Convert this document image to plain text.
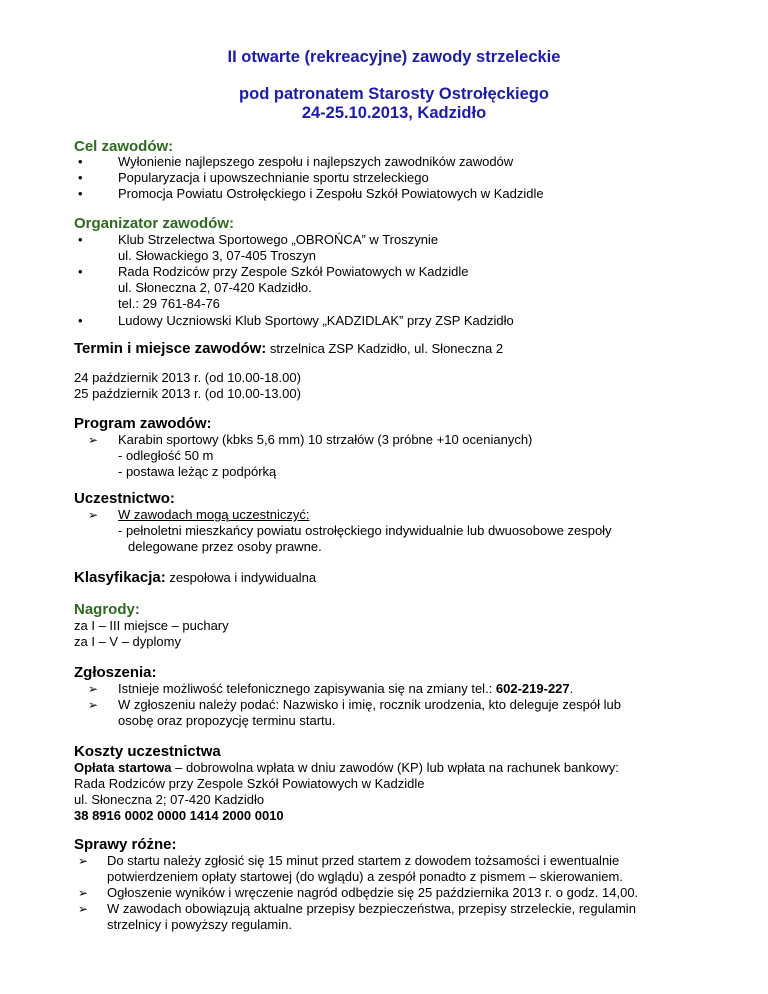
II otwarte (rekreacyjne) zawody strzeleckie
pod patronatem Starosty Ostrołęckiego
24-25.10.2013, Kadzidło
Cel zawodów:
•	Wyłonienie najlepszego zespołu i najlepszych zawodników zawodów
•	Popularyzacja i upowszechnianie sportu strzeleckiego
•	Promocja Powiatu Ostrołęckiego i Zespołu Szkół Powiatowych w Kadzidle
Organizator zawodów:
•	Klub Strzelectwa Sportowego „OBROŃCA” w Troszynie
ul. Słowackiego 3, 07-405 Troszyn
•	Rada Rodziców przy Zespole Szkół Powiatowych w Kadzidle
ul. Słoneczna 2, 07-420 Kadzidło.
tel.: 29 761-84-76
•	Ludowy Uczniowski Klub Sportowy „KADZIDLAK” przy ZSP Kadzidło
Termin i miejsce zawodów: strzelnica ZSP Kadzidło, ul. Słoneczna 2
24 październik 2013 r. (od 10.00-18.00)
25 październik 2013 r. (od 10.00-13.00)
Program zawodów:
➢ Karabin sportowy (kbks 5,6 mm) 10 strzałów (3 próbne +10 ocenianych)
- odległość 50 m
- postawa leżąc z podpórką
Uczestnictwo:
➢ W zawodach mogą uczestniczyć:
- pełnoletni mieszkańcy powiatu ostrołęckiego indywidualnie lub dwuosobowe zespoły
delegowane przez osoby prawne.
Klasyfikacja: zespołowa i indywidualna
Nagrody:
za I – III miejsce – puchary
za I – V – dyplomy
Zgłoszenia:
➢ Istnieje możliwość telefonicznego zapisywania się na zmiany tel.: 602-219-227.
➢ W zgłoszeniu należy podać: Nazwisko i imię, rocznik urodzenia, kto deleguje zespół lub
osobę oraz propozycję terminu startu.
Koszty uczestnictwa
Opłata startowa – dobrowolna wpłata w dniu zawodów (KP) lub wpłata na rachunek bankowy:
Rada Rodziców przy Zespole Szkół Powiatowych w Kadzidle
ul. Słoneczna 2; 07-420 Kadzidło
38 8916 0002 0000 1414 2000 0010
Sprawy różne:
➢ Do startu należy zgłosić się 15 minut przed startem z dowodem tożsamości i ewentualnie
potwierdzeniem opłaty startowej (do wglądu) a zespół ponadto z pismem – skierowaniem.
➢ Ogłoszenie wyników i wręczenie nagród odbędzie się 25 października 2013 r. o godz. 14,00.
➢ W zawodach obowiązują aktualne przepisy bezpieczeństwa, przepisy strzeleckie, regulamin
strzelnicy i powyższy regulamin.
